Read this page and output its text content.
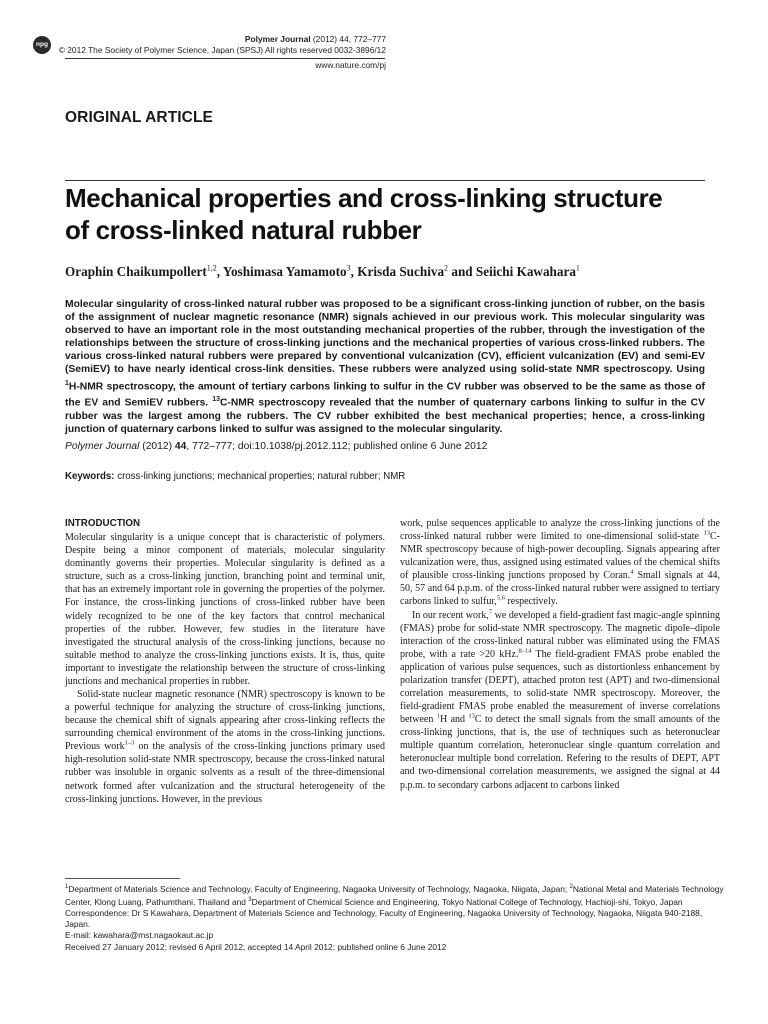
npg
Polymer Journal (2012) 44, 772–777
© 2012 The Society of Polymer Science, Japan (SPSJ) All rights reserved 0032-3896/12
www.nature.com/pj
ORIGINAL ARTICLE
Mechanical properties and cross-linking structure
of cross-linked natural rubber
Oraphin Chaikumpollert$^{1,2}$, Yoshimasa Yamamoto$^3$, Krisda Suchiva$^2$ and Seiichi Kawahara$^1$
Molecular singularity of cross-linked natural rubber was proposed to be a significant cross-linking junction of rubber, on the basis of the assignment of nuclear magnetic resonance (NMR) signals achieved in our previous work. This molecular singularity was observed to have an important role in the most outstanding mechanical properties of the rubber, through the investigation of the relationships between the structure of cross-linking junctions and the mechanical properties of various cross-linked rubbers. The various cross-linked natural rubbers were prepared by conventional vulcanization (CV), efficient vulcanization (EV) and semi-EV (SemiEV) to have nearly identical cross-link densities. These rubbers were analyzed using solid-state NMR spectroscopy. Using $^1$H-NMR spectroscopy, the amount of tertiary carbons linking to sulfur in the CV rubber was observed to be the same as those of the EV and SemiEV rubbers. $^{13}$C-NMR spectroscopy revealed that the number of quaternary carbons linking to sulfur in the CV rubber was the largest among the rubbers. The CV rubber exhibited the best mechanical properties; hence, a cross-linking junction of quaternary carbons linked to sulfur was assigned to the molecular singularity.
Polymer Journal (2012) 44, 772–777; doi:10.1038/pj.2012.112; published online 6 June 2012
Keywords: cross-linking junctions; mechanical properties; natural rubber; NMR
INTRODUCTION

Molecular singularity is a unique concept that is characteristic of polymers. Despite being a minor component of materials, molecular singularity dominantly governs their properties. Molecular singularity is defined as a structure, such as a cross-linking junction, branching point and terminal unit, that has an extremely important role in governing the properties of the polymer. For instance, the cross-linking junctions of cross-linked rubber have been widely recognized to be one of the key factors that control mechanical properties of the rubber. However, few studies in the literature have investigated the structural analysis of the cross-linking junctions, because no suitable method to analyze the cross-linking junctions exists. It is, thus, quite important to investigate the relationship between the structure of cross-linking junctions and mechanical properties in rubber.

Solid-state nuclear magnetic resonance (NMR) spectroscopy is known to be a powerful technique for analyzing the structure of cross-linking junctions, because the chemical shift of signals appearing after cross-linking reflects the surrounding chemical environment of the atoms in the cross-linking junctions. Previous work$^{1-3}$ on the analysis of the cross-linking junctions primary used high-resolution solid-state NMR spectroscopy, because the cross-linked natural rubber was insoluble in organic solvents as a result of the three-dimensional network formed after vulcanization and the structural heterogeneity of the cross-linking junctions. However, in the previous

work, pulse sequences applicable to analyze the cross-linking junctions of the cross-linked natural rubber were limited to one-dimensional solid-state $^{13}$C-NMR spectroscopy because of high-power decoupling. Signals appearing after vulcanization were, thus, assigned using estimated values of the chemical shifts of plausible cross-linking junctions proposed by Coran.$^4$ Small signals at 44, 50, 57 and 64 p.p.m. of the cross-linked natural rubber were assigned to tertiary carbons linked to sulfur,$^{5,6}$ respectively.

In our recent work,$^7$ we developed a field-gradient fast magic-angle spinning (FMAS) probe for solid-state NMR spectroscopy. The magnetic dipole–dipole interaction of the cross-linked natural rubber was eliminated using the FMAS probe, with a rate >20 kHz.$^{8-14}$ The field-gradient FMAS probe enabled the application of various pulse sequences, such as distortionless enhancement by polarization transfer (DEPT), attached proton test (APT) and two-dimensional correlation measurements, to solid-state NMR spectroscopy. Moreover, the field-gradient FMAS probe enabled the measurement of inverse correlations between $^1$H and $^{13}$C to detect the small signals from the small amounts of the cross-linking junctions, that is, the use of techniques such as heteronuclear multiple quantum correlation, heteronuclear single quantum correlation and heteronuclear multiple bond correlation. Refering to the results of DEPT, APT and two-dimensional correlation measurements, we assigned the signal at 44 p.p.m. to secondary carbons adjacent to carbons linked

$^1$Department of Materials Science and Technology, Faculty of Engineering, Nagaoka University of Technology, Nagaoka, Niigata, Japan; $^2$National Metal and Materials Technology Center, Klong Luang, Pathumthani, Thailand and $^3$Department of Chemical Science and Engineering, Tokyo National College of Technology, Hachioji-shi, Tokyo, Japan

Correspondence: Dr S Kawahara, Department of Materials Science and Technology, Faculty of Engineering, Nagaoka University of Technology, Nagaoka, Niigata 940-2188, Japan.

E-mail: kawahara@mst.nagaokaut.ac.jp

Received 27 January 2012; revised 6 April 2012; accepted 14 April 2012; published online 6 June 2012
